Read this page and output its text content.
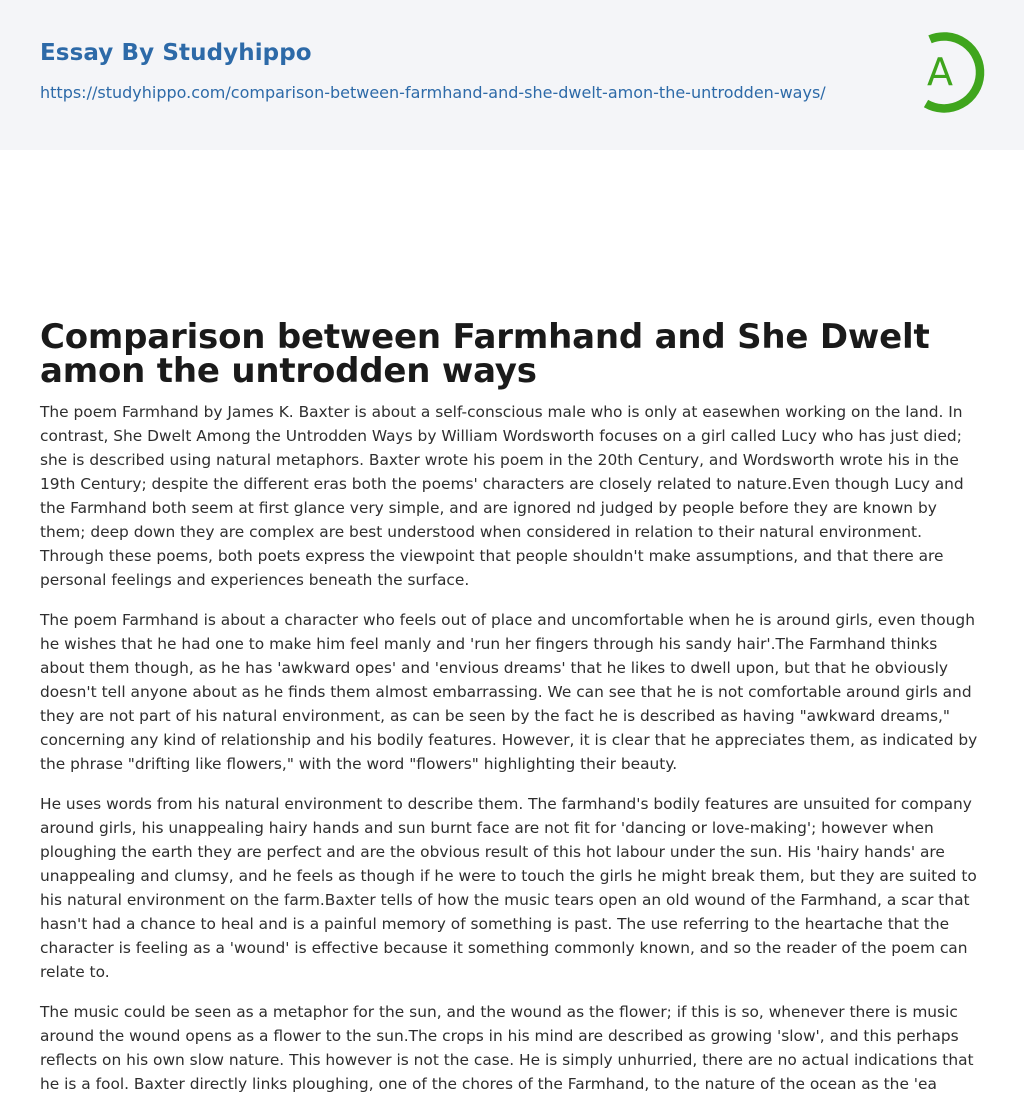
Essay By Studyhippo
https://studyhippo.com/comparison-between-farmhand-and-she-dwelt-amon-the-untrodden-ways/	A
Comparison between Farmhand and She Dwelt amon the untrodden ways

The poem Farmhand by James K. Baxter is about a self-conscious male who is only at easewhen working on the land. In contrast, She Dwelt Among the Untrodden Ways by William Wordsworth focuses on a girl called Lucy who has just died; she is described using natural metaphors. Baxter wrote his poem in the 20th Century, and Wordsworth wrote his in the 19th Century; despite the different eras both the poems' characters are closely related to nature.Even though Lucy and the Farmhand both seem at first glance very simple, and are ignored nd judged by people before they are known by them; deep down they are complex are best understood when considered in relation to their natural environment. Through these poems, both poets express the viewpoint that people shouldn't make assumptions, and that there are personal feelings and experiences beneath the surface.

The poem Farmhand is about a character who feels out of place and uncomfortable when he is around girls, even though he wishes that he had one to make him feel manly and 'run her fingers through his sandy hair'.The Farmhand thinks about them though, as he has 'awkward opes' and 'envious dreams' that he likes to dwell upon, but that he obviously doesn't tell anyone about as he finds them almost embarrassing. We can see that he is not comfortable around girls and they are not part of his natural environment, as can be seen by the fact he is described as having "awkward dreams," concerning any kind of relationship and his bodily features. However, it is clear that he appreciates them, as indicated by the phrase "drifting like flowers," with the word "flowers" highlighting their beauty.

He uses words from his natural environment to describe them. The farmhand's bodily features are unsuited for company around girls, his unappealing hairy hands and sun burnt face are not fit for 'dancing or love-making'; however when ploughing the earth they are perfect and are the obvious result of this hot labour under the sun. His 'hairy hands' are unappealing and clumsy, and he feels as though if he were to touch the girls he might break them, but they are suited to his natural environment on the farm.Baxter tells of how the music tears open an old wound of the Farmhand, a scar that hasn't had a chance to heal and is a painful memory of something is past. The use referring to the heartache that the character is feeling as a 'wound' is effective because it something commonly known, and so the reader of the poem can relate to.

The music could be seen as a metaphor for the sun, and the wound as the flower; if this is so, whenever there is music around the wound opens as a flower to the sun.The crops in his mind are described as growing 'slow', and this perhaps reflects on his own slow nature. This however is not the case. He is simply unhurried, there are no actual indications that he is a fool. Baxter directly links ploughing, one of the chores of the Farmhand, to the nature of the ocean as the 'ea
